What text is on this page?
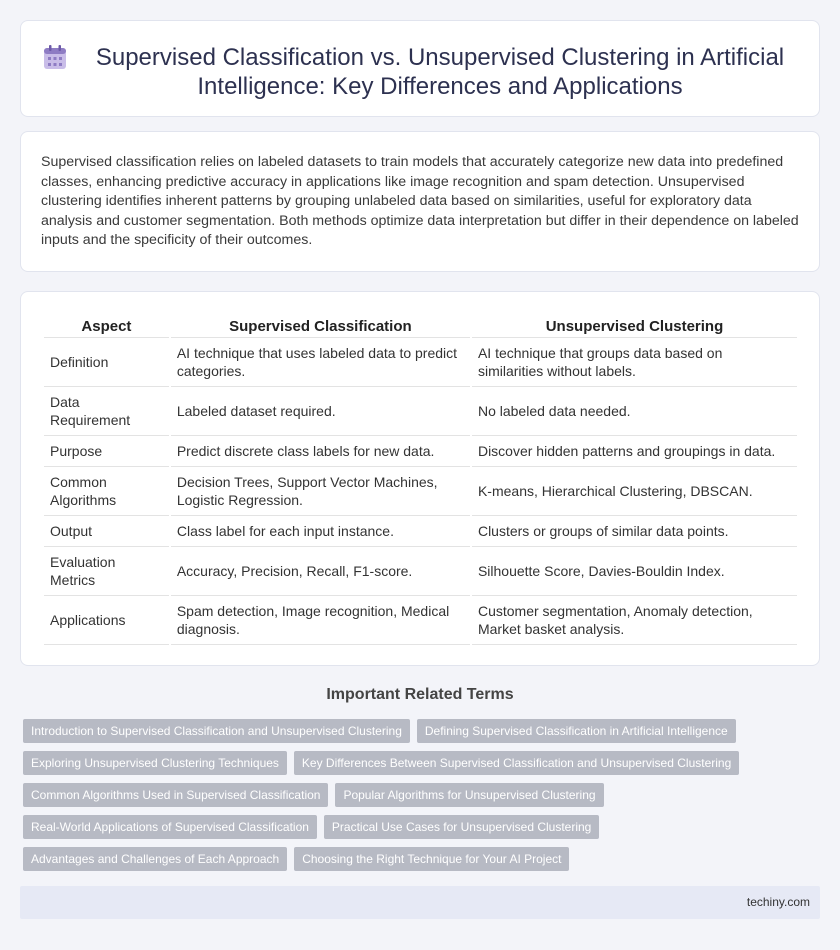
Supervised Classification vs. Unsupervised Clustering in Artificial Intelligence: Key Differences and Applications

Supervised classification relies on labeled datasets to train models that accurately categorize new data into predefined classes, enhancing predictive accuracy in applications like image recognition and spam detection. Unsupervised clustering identifies inherent patterns by grouping unlabeled data based on similarities, useful for exploratory data analysis and customer segmentation. Both methods optimize data interpretation but differ in their dependence on labeled inputs and the specificity of their outcomes.

Aspect	Supervised Classification	Unsupervised Clustering
Definition	AI technique that uses labeled data to predict categories.	AI technique that groups data based on similarities without labels.
Data Requirement	Labeled dataset required.	No labeled data needed.
Purpose	Predict discrete class labels for new data.	Discover hidden patterns and groupings in data.
Common Algorithms	Decision Trees, Support Vector Machines, Logistic Regression.	K-means, Hierarchical Clustering, DBSCAN.
Output	Class label for each input instance.	Clusters or groups of similar data points.
Evaluation Metrics	Accuracy, Precision, Recall, F1-score.	Silhouette Score, Davies-Bouldin Index.
Applications	Spam detection, Image recognition, Medical diagnosis.	Customer segmentation, Anomaly detection, Market basket analysis.
Important Related Terms
Introduction to Supervised Classification and Unsupervised Clustering	Defining Supervised Classification in Artificial Intelligence
Exploring Unsupervised Clustering Techniques	Key Differences Between Supervised Classification and Unsupervised Clustering
Common Algorithms Used in Supervised Classification	Popular Algorithms for Unsupervised Clustering
Real-World Applications of Supervised Classification	Practical Use Cases for Unsupervised Clustering
Advantages and Challenges of Each Approach	Choosing the Right Technique for Your AI Project
techiny.com
